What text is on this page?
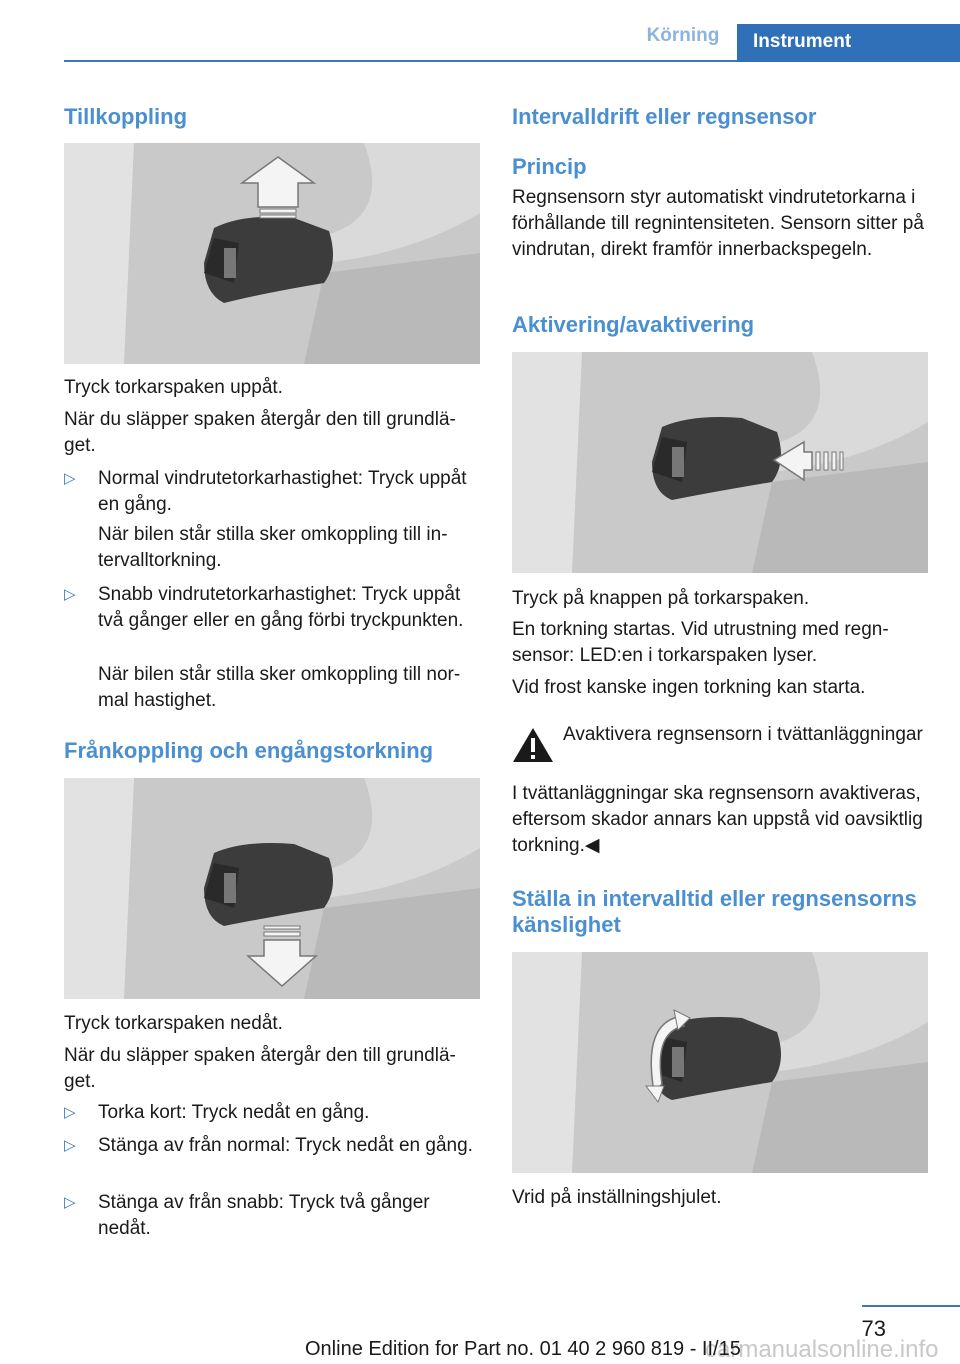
Körning	Instrument
Tillkoppling

Tryck torkarspaken uppåt.

När du släpper spaken återgår den till grundläget.

▷ Normal vindrutetorkarhastighet: Tryck uppåt en gång.
När bilen står stilla sker omkoppling till intervalltorkning.
▷ Snabb vindrutetorkarhastighet: Tryck uppåt två gånger eller en gång förbi tryckpunkten.
När bilen står stilla sker omkoppling till normal hastighet.
Frånkoppling och engångstorkning

Tryck torkarspaken nedåt.

När du släpper spaken återgår den till grundläget.

▷ Torka kort: Tryck nedåt en gång.
▷ Stänga av från normal: Tryck nedåt en gång.
▷ Stänga av från snabb: Tryck två gånger nedåt.
Intervalldrift eller regnsensor
Princip

Regnsensorn styr automatiskt vindrutetorkarna i förhållande till regnintensiteten. Sensorn sitter på vindrutan, direkt framför innerbackspegeln.

Aktivering/avaktivering

Tryck på knappen på torkarspaken.

En torkning startas. Vid utrustning med regnsensor: LED:en i torkarspaken lyser.

Vid frost kanske ingen torkning kan starta.

Avaktivera regnsensorn i tvättanläggningar

I tvättanläggningar ska regnsensorn avaktiveras, eftersom skador annars kan uppstå vid oavsiktlig torkning.◀

Ställa in intervalltid eller regnsensorns känslighet

Vrid på inställningshjulet.

73
carmanualsonline.info
Online Edition for Part no. 01 40 2 960 819 - II/15
